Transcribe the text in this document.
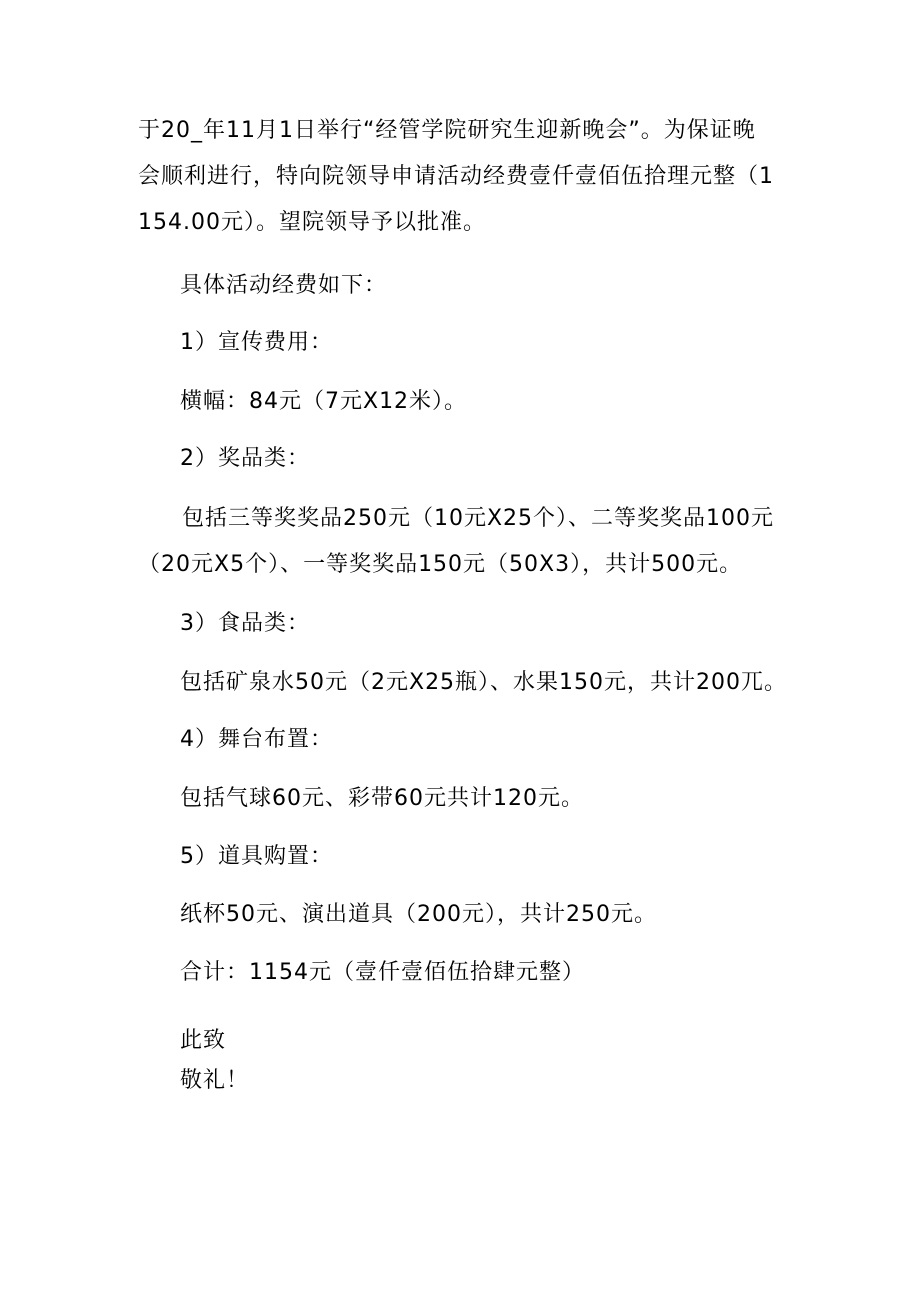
于20_年11月1日举行“经管学院研究生迎新晚会”。为保证晚会顺利进行，特向院领导申请活动经费壹仟壹佰伍拾理元整（1154.00元）。望院领导予以批准。

具体活动经费如下：

1）宣传费用：

横幅：84元（7元X12米）。

2）奖品类：

包括三等奖奖品250元（10元X25个）、二等奖奖品100元（20元X5个）、一等奖奖品150元（50X3），共计500元。

3）食品类：

包括矿泉水50元（2元X25瓶）、水果150元，共计200兀。

4）舞台布置：

包括气球60元、彩带60元共计120元。

5）道具购置：

纸杯50元、演出道具（200元），共计250元。

合计：1154元（壹仟壹佰伍拾肆元整）

此致

敬礼！
